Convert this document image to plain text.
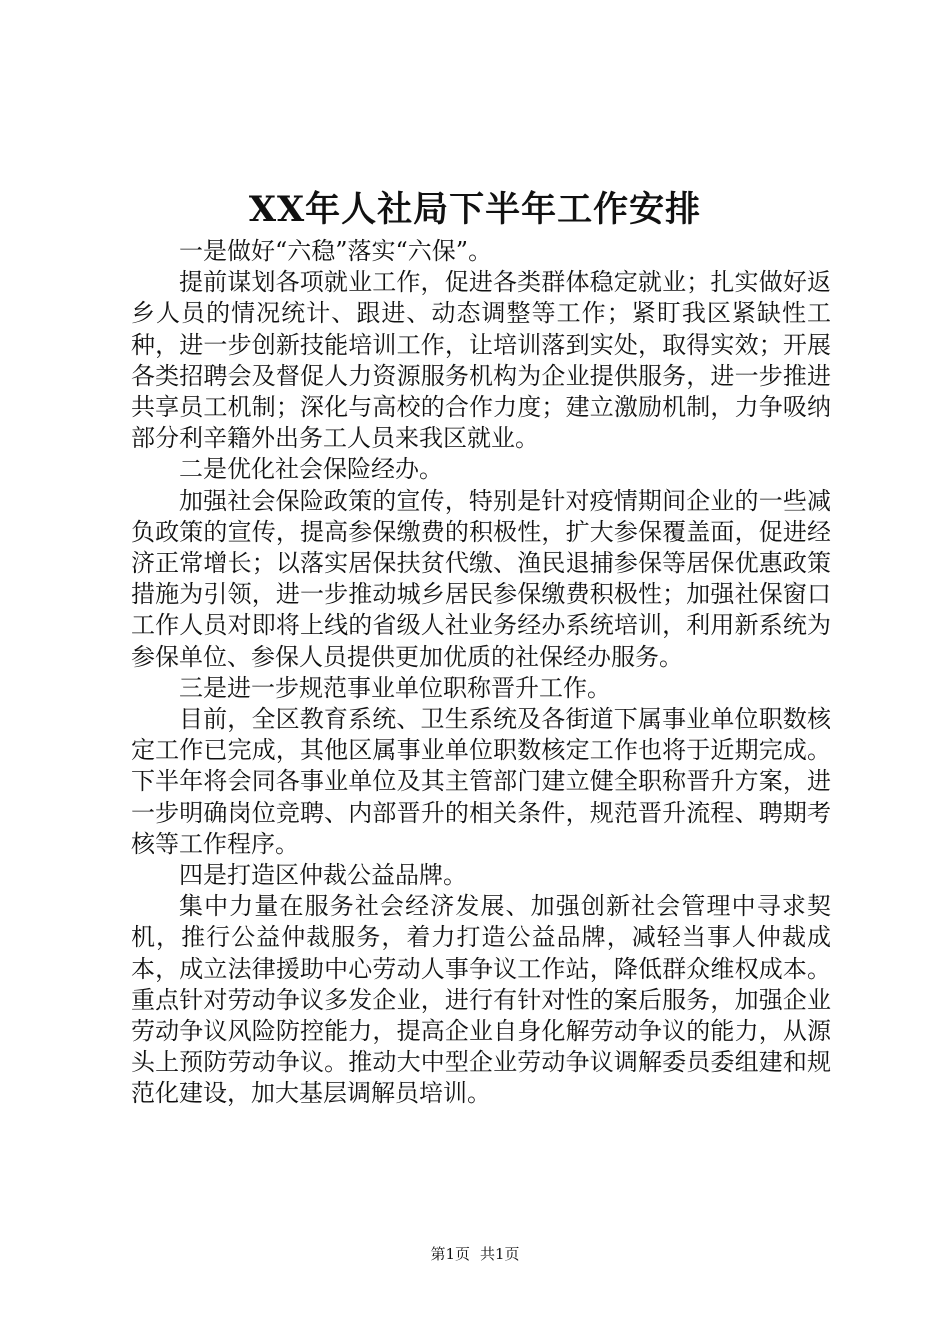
XX年人社局下半年工作安排

一是做好“六稳”落实“六保”。

提前谋划各项就业工作，促进各类群体稳定就业；扎实做好返乡人员的情况统计、跟进、动态调整等工作；紧盯我区紧缺性工种，进一步创新技能培训工作，让培训落到实处，取得实效；开展各类招聘会及督促人力资源服务机构为企业提供服务，进一步推进共享员工机制；深化与高校的合作力度；建立激励机制，力争吸纳部分利辛籍外出务工人员来我区就业。

二是优化社会保险经办。

加强社会保险政策的宣传，特别是针对疫情期间企业的一些减负政策的宣传，提高参保缴费的积极性，扩大参保覆盖面，促进经济正常增长；以落实居保扶贫代缴、渔民退捕参保等居保优惠政策措施为引领，进一步推动城乡居民参保缴费积极性；加强社保窗口工作人员对即将上线的省级人社业务经办系统培训，利用新系统为参保单位、参保人员提供更加优质的社保经办服务。

三是进一步规范事业单位职称晋升工作。

目前，全区教育系统、卫生系统及各街道下属事业单位职数核定工作已完成，其他区属事业单位职数核定工作也将于近期完成。下半年将会同各事业单位及其主管部门建立健全职称晋升方案，进一步明确岗位竞聘、内部晋升的相关条件，规范晋升流程、聘期考核等工作程序。

四是打造区仲裁公益品牌。

集中力量在服务社会经济发展、加强创新社会管理中寻求契机，推行公益仲裁服务，着力打造公益品牌，减轻当事人仲裁成本，成立法律援助中心劳动人事争议工作站，降低群众维权成本。重点针对劳动争议多发企业，进行有针对性的案后服务，加强企业劳动争议风险防控能力，提高企业自身化解劳动争议的能力，从源头上预防劳动争议。推动大中型企业劳动争议调解委员委组建和规范化建设，加大基层调解员培训。

第1页 共1页
